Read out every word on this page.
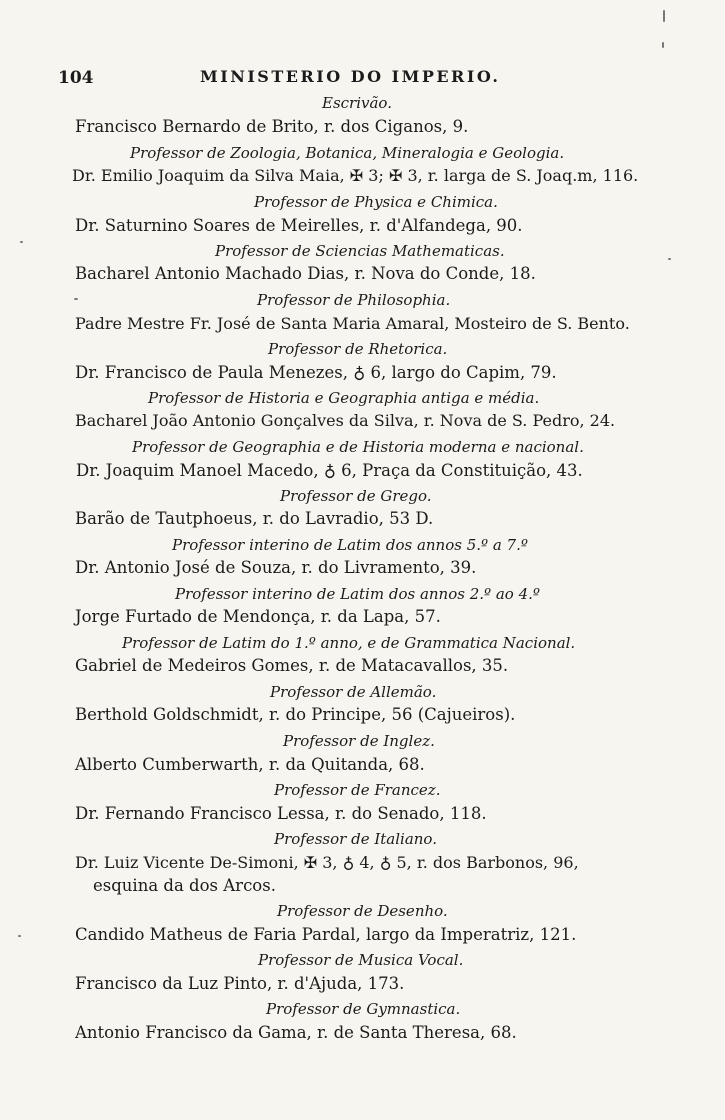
104	MINISTERIO DO IMPERIO.
Escrivão.
Francisco Bernardo de Brito, r. dos Ciganos, 9.
Professor de Zoologia, Botanica, Mineralogia e Geologia.
Dr. Emilio Joaquim da Silva Maia, ✠ 3; ✠ 3, r. larga de S. Joaq.m, 116.
Professor de Physica e Chimica.
Dr. Saturnino Soares de Meirelles, r. d'Alfandega, 90.
Professor de Sciencias Mathematicas.
Bacharel Antonio Machado Dias, r. Nova do Conde, 18.
Professor de Philosophia.
Padre Mestre Fr. José de Santa Maria Amaral, Mosteiro de S. Bento.
Professor de Rhetorica.
Dr. Francisco de Paula Menezes, ♁ 6, largo do Capim, 79.
Professor de Historia e Geographia antiga e média.
Bacharel João Antonio Gonçalves da Silva, r. Nova de S. Pedro, 24.
Professor de Geographia e de Historia moderna e nacional.
Dr. Joaquim Manoel Macedo, ♁ 6, Praça da Constituição, 43.
Professor de Grego.
Barão de Tautphoeus, r. do Lavradio, 53 D.
Professor interino de Latim dos annos 5.º a 7.º
Dr. Antonio José de Souza, r. do Livramento, 39.
Professor interino de Latim dos annos 2.º ao 4.º
Jorge Furtado de Mendonça, r. da Lapa, 57.
Professor de Latim do 1.º anno, e de Grammatica Nacional.
Gabriel de Medeiros Gomes, r. de Matacavallos, 35.
Professor de Allemão.
Berthold Goldschmidt, r. do Principe, 56 (Cajueiros).
Professor de Inglez.
Alberto Cumberwarth, r. da Quitanda, 68.
Professor de Francez.
Dr. Fernando Francisco Lessa, r. do Senado, 118.
Professor de Italiano.
Dr. Luiz Vicente De-Simoni, ✠ 3, ♁ 4, ♁ 5, r. dos Barbonos, 96,
esquina da dos Arcos.
Professor de Desenho.
Candido Matheus de Faria Pardal, largo da Imperatriz, 121.
Professor de Musica Vocal.
Francisco da Luz Pinto, r. d'Ajuda, 173.
Professor de Gymnastica.
Antonio Francisco da Gama, r. de Santa Theresa, 68.
